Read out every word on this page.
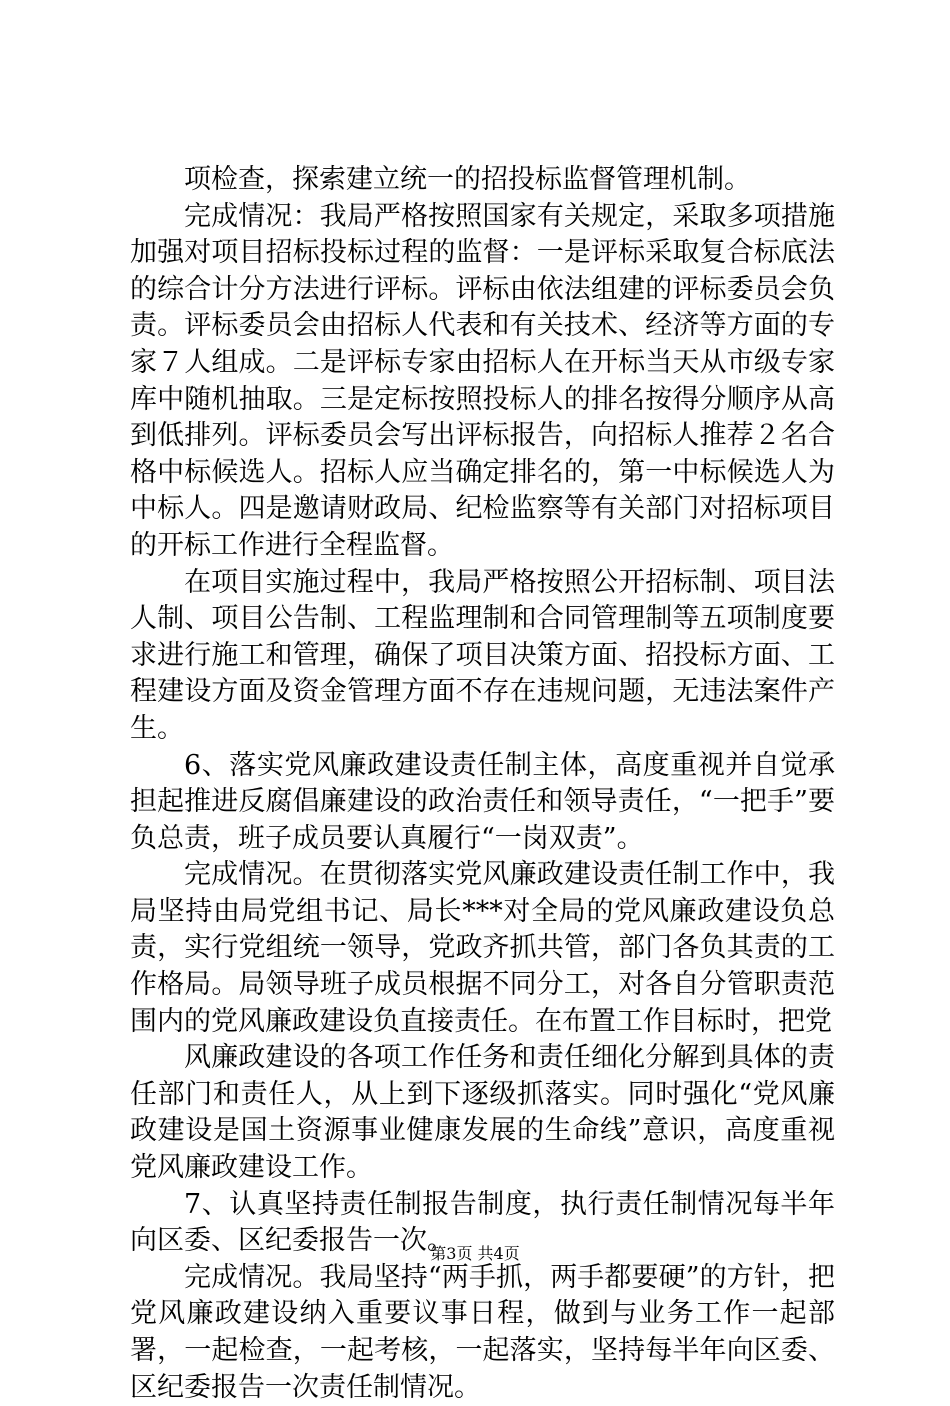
项检查，探索建立统一的招投标监督管理机制。

完成情况：我局严格按照国家有关规定，采取多项措施加强对项目招标投标过程的监督：一是评标采取复合标底法的综合计分方法进行评标。评标由依法组建的评标委员会负责。评标委员会由招标人代表和有关技术、经济等方面的专家７人组成。二是评标专家由招标人在开标当天从市级专家库中随机抽取。三是定标按照投标人的排名按得分顺序从高到低排列。评标委员会写出评标报告，向招标人推荐２名合格中标候选人。招标人应当确定排名的，第一中标候选人为中标人。四是邀请财政局、纪检监察等有关部门对招标项目的开标工作进行全程监督。

在项目实施过程中，我局严格按照公开招标制、项目法人制、项目公告制、工程监理制和合同管理制等五项制度要求进行施工和管理，确保了项目决策方面、招投标方面、工程建设方面及资金管理方面不存在违规问题，无违法案件产生。

6、落实党风廉政建设责任制主体，高度重视并自觉承担起推进反腐倡廉建设的政治责任和领导责任，“一把手”要负总责，班子成员要认真履行“一岗双责”。

完成情况。在贯彻落实党风廉政建设责任制工作中，我局坚持由局党组书记、局长***对全局的党风廉政建设负总责，实行党组统一领导，党政齐抓共管，部门各负其责的工作格局。局领导班子成员根据不同分工，对各自分管职责范围内的党风廉政建设负直接责任。在布置工作目标时，把党

风廉政建设的各项工作任务和责任细化分解到具体的责任部门和责任人，从上到下逐级抓落实。同时强化“党风廉政建设是国土资源事业健康发展的生命线”意识，高度重视党风廉政建设工作。

7、认真坚持责任制报告制度，执行责任制情况每半年向区委、区纪委报告一次。

完成情况。我局坚持“两手抓，两手都要硬”的方针，把党风廉政建设纳入重要议事日程，做到与业务工作一起部署，一起检查，一起考核，一起落实，坚持每半年向区委、区纪委报告一次责任制情况。

第3页 共4页
